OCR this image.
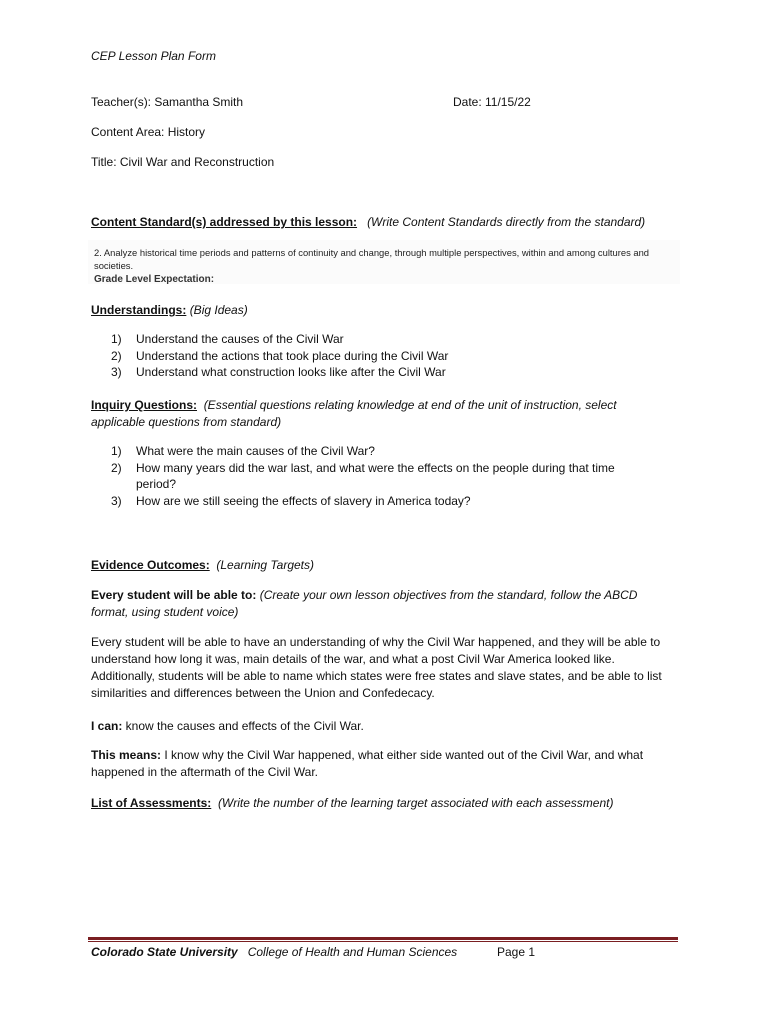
CEP Lesson Plan Form
Teacher(s): Samantha Smith	Date: 11/15/22
Content Area: History
Title: Civil War and Reconstruction
Content Standard(s) addressed by this lesson: (Write Content Standards directly from the standard)
2. Analyze historical time periods and patterns of continuity and change, through multiple perspectives, within and among cultures and societies.
Grade Level Expectation:
Understandings: (Big Ideas)
1) Understand the causes of the Civil War
2) Understand the actions that took place during the Civil War
3) Understand what construction looks like after the Civil War
Inquiry Questions: (Essential questions relating knowledge at end of the unit of instruction, select applicable questions from standard)
1) What were the main causes of the Civil War?
2) How many years did the war last, and what were the effects on the people during that time period?
3) How are we still seeing the effects of slavery in America today?
Evidence Outcomes: (Learning Targets)
Every student will be able to: (Create your own lesson objectives from the standard, follow the ABCD format, using student voice)
Every student will be able to have an understanding of why the Civil War happened, and they will be able to understand how long it was, main details of the war, and what a post Civil War America looked like. Additionally, students will be able to name which states were free states and slave states, and be able to list similarities and differences between the Union and Confedecacy.
I can: know the causes and effects of the Civil War.
This means: I know why the Civil War happened, what either side wanted out of the Civil War, and what happened in the aftermath of the Civil War.
List of Assessments: (Write the number of the learning target associated with each assessment)
Colorado State University College of Health and Human Sciences	Page 1
